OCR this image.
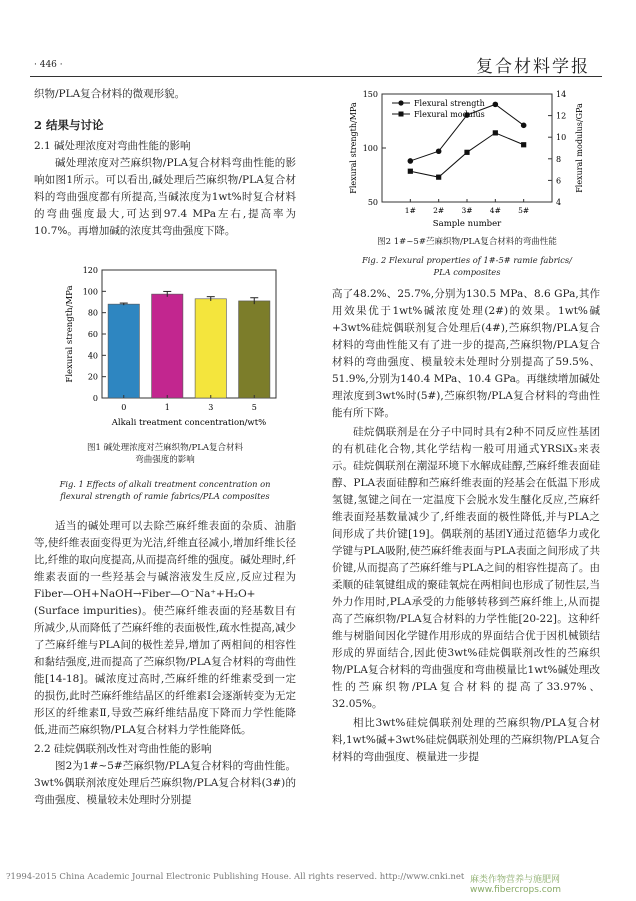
· 446 ·	复合材料学报

织物/PLA复合材料的微观形貌。

2 结果与讨论

2.1 碱处理浓度对弯曲性能的影响

碱处理浓度对苎麻织物/PLA复合材料弯曲性能的影响如图1所示。可以看出,碱处理后苎麻织物/PLA复合材料的弯曲强度都有所提高,当碱浓度为1wt%时复合材料的弯曲强度最大,可达到97.4 MPa左右,提高率为10.7%。再增加碱的浓度其弯曲强度下降。

0
20
40
60
80
100
120
0	1	3	5
Alkali treatment concentration/wt%
Flexural strength/MPa
图1 碱处理浓度对苎麻织物/PLA复合材料
弯曲强度的影响
Fig. 1 Effects of alkali treatment concentration on
flexural strength of ramie fabrics/PLA composites

适当的碱处理可以去除苎麻纤维表面的杂质、油脂等,使纤维表面变得更为光洁,纤维直径减小,增加纤维长径比,纤维的取向度提高,从而提高纤维的强度。碱处理时,纤维素表面的一些羟基会与碱溶液发生反应,反应过程为 Fiber—OH+NaOH→Fiber—O⁻Na⁺+H₂O+(Surface impurities)。使苎麻纤维表面的羟基数目有所减少,从而降低了苎麻纤维的表面极性,疏水性提高,减少了苎麻纤维与PLA间的极性差异,增加了两相间的相容性和黏结强度,进而提高了苎麻织物/PLA复合材料的弯曲性能[14-18]。碱浓度过高时,苎麻纤维的纤维素受到一定的损伤,此时苎麻纤维结晶区的纤维素Ⅰ会逐渐转变为无定形区的纤维素Ⅱ,导致苎麻纤维结晶度下降而力学性能降低,进而苎麻织物/PLA复合材料力学性能降低。

2.2 硅烷偶联剂改性对弯曲性能的影响

图2为1#~5#苎麻织物/PLA复合材料的弯曲性能。3wt%偶联剂浓度处理后苎麻织物/PLA复合材料(3#)的弯曲强度、模量较未处理时分别提

50
100
150
4
6
8
10
12
14
1# 2# 3# 4# 5#
Flexural strength
Flexural modulus
Sample number
Flexural strength/MPa	Flexural modulus/GPa
图2 1#~5#苎麻织物/PLA复合材料的弯曲性能
Fig. 2 Flexural properties of 1#-5# ramie fabrics/
PLA composites

高了48.2%、25.7%,分别为130.5 MPa、8.6 GPa,其作用效果优于1wt%碱浓度处理(2#)的效果。1wt%碱+3wt%硅烷偶联剂复合处理后(4#),苎麻织物/PLA复合材料的弯曲性能又有了进一步的提高,苎麻织物/PLA复合材料的弯曲强度、模量较未处理时分别提高了59.5%、51.9%,分别为140.4 MPa、10.4 GPa。再继续增加碱处理浓度到3wt%时(5#),苎麻织物/PLA复合材料的弯曲性能有所下降。

硅烷偶联剂是在分子中同时具有2种不同反应性基团的有机硅化合物,其化学结构一般可用通式YRSiX₃来表示。硅烷偶联剂在潮湿环境下水解成硅醇,苎麻纤维表面硅醇、PLA表面硅醇和苎麻纤维表面的羟基会在低温下形成氢键,氢键之间在一定温度下会脱水发生醚化反应,苎麻纤维表面羟基数量减少了,纤维表面的极性降低,并与PLA之间形成了共价键[19]。偶联剂的基团Y通过范德华力或化学键与PLA吸附,使苎麻纤维表面与PLA表面之间形成了共价键,从而提高了苎麻纤维与PLA之间的相容性提高了。由柔顺的硅氧键组成的聚硅氧烷在两相间也形成了韧性层,当外力作用时,PLA承受的力能够转移到苎麻纤维上,从而提高了苎麻织物/PLA复合材料的力学性能[20-22]。这种纤维与树脂间因化学键作用形成的界面结合优于因机械锁结形成的界面结合,因此使3wt%硅烷偶联剂改性的苎麻织物/PLA复合材料的弯曲强度和弯曲模量比1wt%碱处理改性的苎麻织物/PLA复合材料的提高了33.97%、32.05%。

相比3wt%硅烷偶联剂处理的苎麻织物/PLA复合材料,1wt%碱+3wt%硅烷偶联剂处理的苎麻织物/PLA复合材料的弯曲强度、模量进一步提

?1994-2015 China Academic Journal Electronic Publishing House. All rights reserved. http://www.cnki.net 麻类作物营养与施肥网 www.fibercrops.com
